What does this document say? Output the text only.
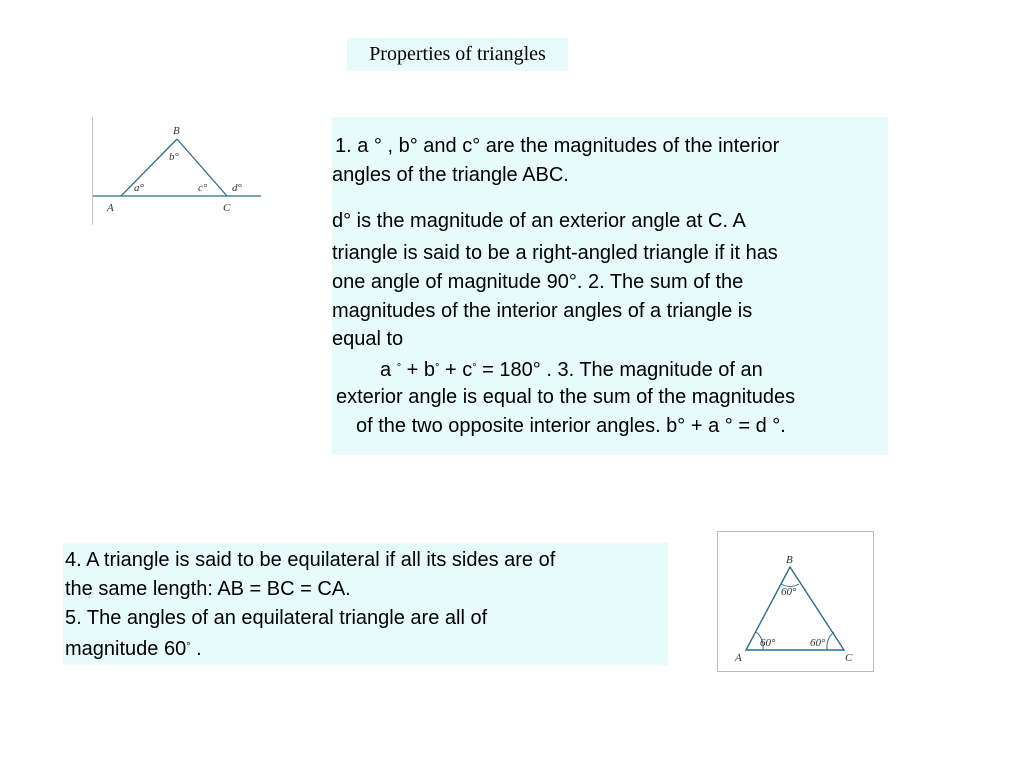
Properties of triangles
B
b°
a°	c° d°
A	C
1. a ° , b° and c° are the magnitudes of the interior
angles of the triangle ABC.
d° is the magnitude of an exterior angle at C. A
triangle is said to be a right-angled triangle if it has
one angle of magnitude 90°. 2. The sum of the
magnitudes of the interior angles of a triangle is
equal to
a ° + b° + c° = 180° . 3. The magnitude of an
exterior angle is equal to the sum of the magnitudes
of the two opposite interior angles. b° + a ° = d °.
4. A triangle is said to be equilateral if all its sides are of
the same length: AB = BC = CA.
5. The angles of an equilateral triangle are all of
magnitude 60° .
B
60°
60°	60°
A	C
